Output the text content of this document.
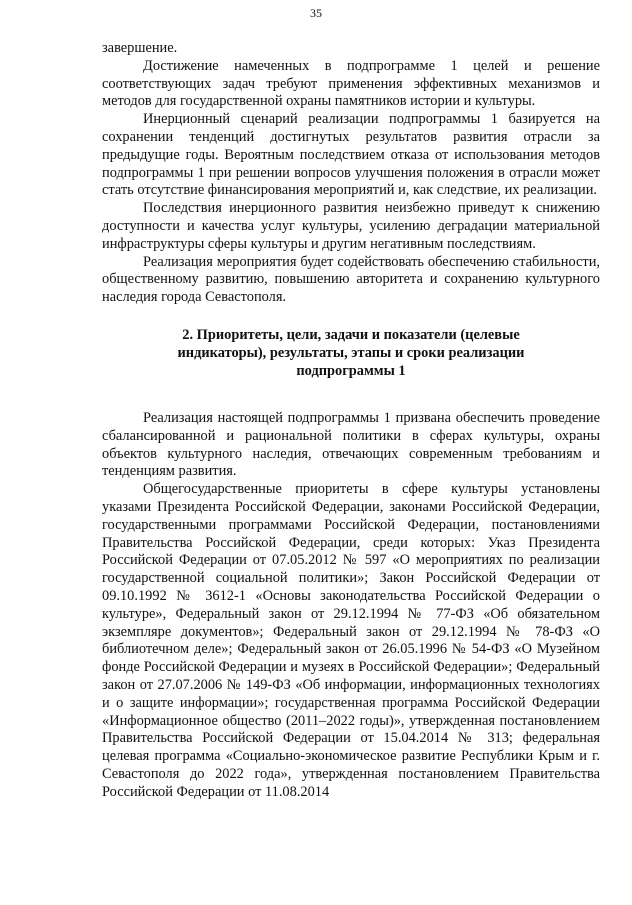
35

завершение.

Достижение намеченных в подпрограмме 1 целей и решение соответствующих задач требуют применения эффективных механизмов и методов для государственной охраны памятников истории и культуры.

Инерционный сценарий реализации подпрограммы 1 базируется на сохранении тенденций достигнутых результатов развития отрасли за предыдущие годы. Вероятным последствием отказа от использования методов подпрограммы 1 при решении вопросов улучшения положения в отрасли может стать отсутствие финансирования мероприятий и, как следствие, их реализации.

Последствия инерционного развития неизбежно приведут к снижению доступности и качества услуг культуры, усилению деградации материальной инфраструктуры сферы культуры и другим негативным последствиям.

Реализация мероприятия будет содействовать обеспечению стабильности, общественному развитию, повышению авторитета и сохранению культурного наследия города Севастополя.

2. Приоритеты, цели, задачи и показатели (целевые
индикаторы), результаты, этапы и сроки реализации
подпрограммы 1

Реализация настоящей подпрограммы 1 призвана обеспечить проведение сбалансированной и рациональной политики в сферах культуры, охраны объектов культурного наследия, отвечающих современным требованиям и тенденциям развития.

Общегосударственные приоритеты в сфере культуры установлены указами Президента Российской Федерации, законами Российской Федерации, государственными программами Российской Федерации, постановлениями Правительства Российской Федерации, среди которых: Указ Президента Российской Федерации от 07.05.2012 № 597 «О мероприятиях по реализации государственной социальной политики»; Закон Российской Федерации от 09.10.1992 № 3612-1 «Основы законодательства Российской Федерации о культуре», Федеральный закон от 29.12.1994 № 77-ФЗ «Об обязательном экземпляре документов»; Федеральный закон от 29.12.1994 № 78-ФЗ «О библиотечном деле»; Федеральный закон от 26.05.1996 № 54-ФЗ «О Музейном фонде Российской Федерации и музеях в Российской Федерации»; Федеральный закон от 27.07.2006 № 149-ФЗ «Об информации, информационных технологиях и о защите информации»; государственная программа Российской Федерации «Информационное общество (2011–2022 годы)», утвержденная постановлением Правительства Российской Федерации от 15.04.2014 № 313; федеральная целевая программа «Социально-экономическое развитие Республики Крым и г. Севастополя до 2022 года», утвержденная постановлением Правительства Российской Федерации от 11.08.2014
